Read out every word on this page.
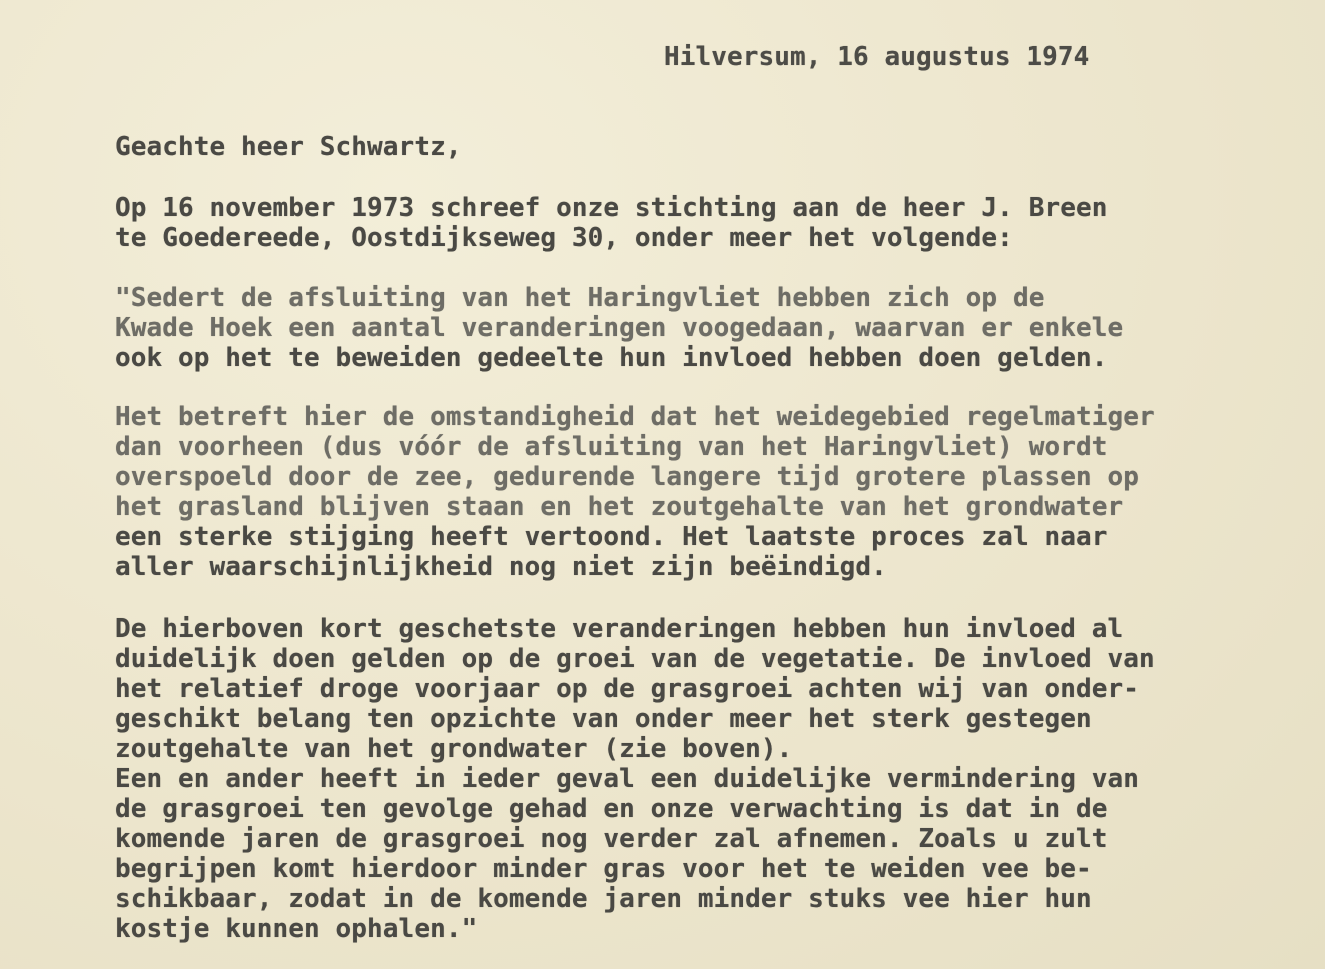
Hilversum, 16 augustus 1974
Geachte heer Schwartz,
Op 16 november 1973 schreef onze stichting aan de heer J. Breen
te Goedereede, Oostdijkseweg 30, onder meer het volgende:
"Sedert de afsluiting van het Haringvliet hebben zich op de
Kwade Hoek een aantal veranderingen voogedaan, waarvan er enkele
ook op het te beweiden gedeelte hun invloed hebben doen gelden.
Het betreft hier de omstandigheid dat het weidegebied regelmatiger
dan voorheen (dus vóór de afsluiting van het Haringvliet) wordt
overspoeld door de zee, gedurende langere tijd grotere plassen op
het grasland blijven staan en het zoutgehalte van het grondwater
een sterke stijging heeft vertoond. Het laatste proces zal naar
aller waarschijnlijkheid nog niet zijn beëindigd.
De hierboven kort geschetste veranderingen hebben hun invloed al
duidelijk doen gelden op de groei van de vegetatie. De invloed van
het relatief droge voorjaar op de grasgroei achten wij van onder-
geschikt belang ten opzichte van onder meer het sterk gestegen
zoutgehalte van het grondwater (zie boven).
Een en ander heeft in ieder geval een duidelijke vermindering van
de grasgroei ten gevolge gehad en onze verwachting is dat in de
komende jaren de grasgroei nog verder zal afnemen. Zoals u zult
begrijpen komt hierdoor minder gras voor het te weiden vee be-
schikbaar, zodat in de komende jaren minder stuks vee hier hun
kostje kunnen ophalen."
